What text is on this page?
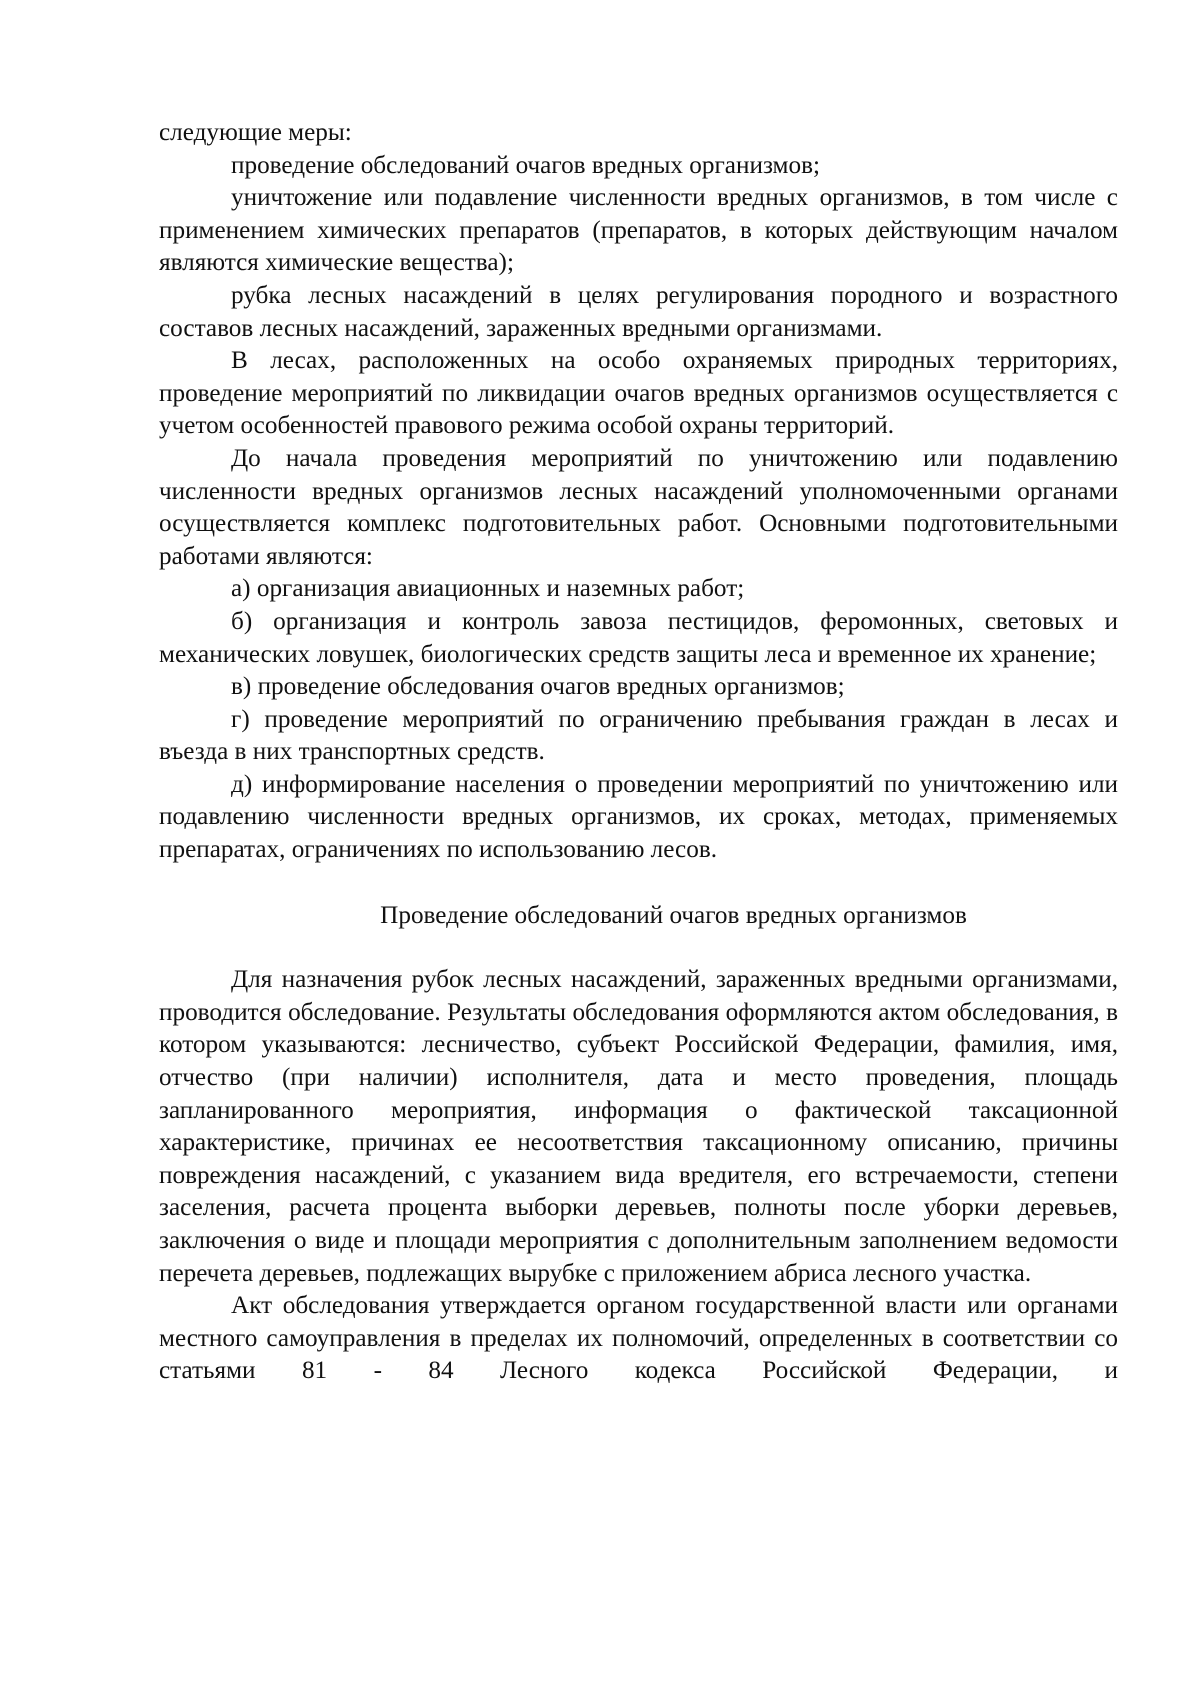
следующие меры:

проведение обследований очагов вредных организмов;

уничтожение или подавление численности вредных организмов, в том числе с применением химических препаратов (препаратов, в которых действующим началом являются химические вещества);

рубка лесных насаждений в целях регулирования породного и возрастного составов лесных насаждений, зараженных вредными организмами.

В лесах, расположенных на особо охраняемых природных территориях, проведение мероприятий по ликвидации очагов вредных организмов осуществляется с учетом особенностей правового режима особой охраны территорий.

До начала проведения мероприятий по уничтожению или подавлению численности вредных организмов лесных насаждений уполномоченными органами осуществляется комплекс подготовительных работ. Основными подготовительными работами являются:

а) организация авиационных и наземных работ;

б) организация и контроль завоза пестицидов, феромонных, световых и механических ловушек, биологических средств защиты леса и временное их хранение;

в) проведение обследования очагов вредных организмов;

г) проведение мероприятий по ограничению пребывания граждан в лесах и въезда в них транспортных средств.

д) информирование населения о проведении мероприятий по уничтожению или подавлению численности вредных организмов, их сроках, методах, применяемых препаратах, ограничениях по использованию лесов.

Проведение обследований очагов вредных организмов

Для назначения рубок лесных насаждений, зараженных вредными организмами, проводится обследование. Результаты обследования оформляются актом обследования, в котором указываются: лесничество, субъект Российской Федерации, фамилия, имя, отчество (при наличии) исполнителя, дата и место проведения, площадь запланированного мероприятия, информация о фактической таксационной характеристике, причинах ее несоответствия таксационному описанию, причины повреждения насаждений, с указанием вида вредителя, его встречаемости, степени заселения, расчета процента выборки деревьев, полноты после уборки деревьев, заключения о виде и площади мероприятия с дополнительным заполнением ведомости перечета деревьев, подлежащих вырубке с приложением абриса лесного участка.

Акт обследования утверждается органом государственной власти или органами местного самоуправления в пределах их полномочий, определенных в соответствии со статьями 81 - 84 Лесного кодекса Российской Федерации, и
